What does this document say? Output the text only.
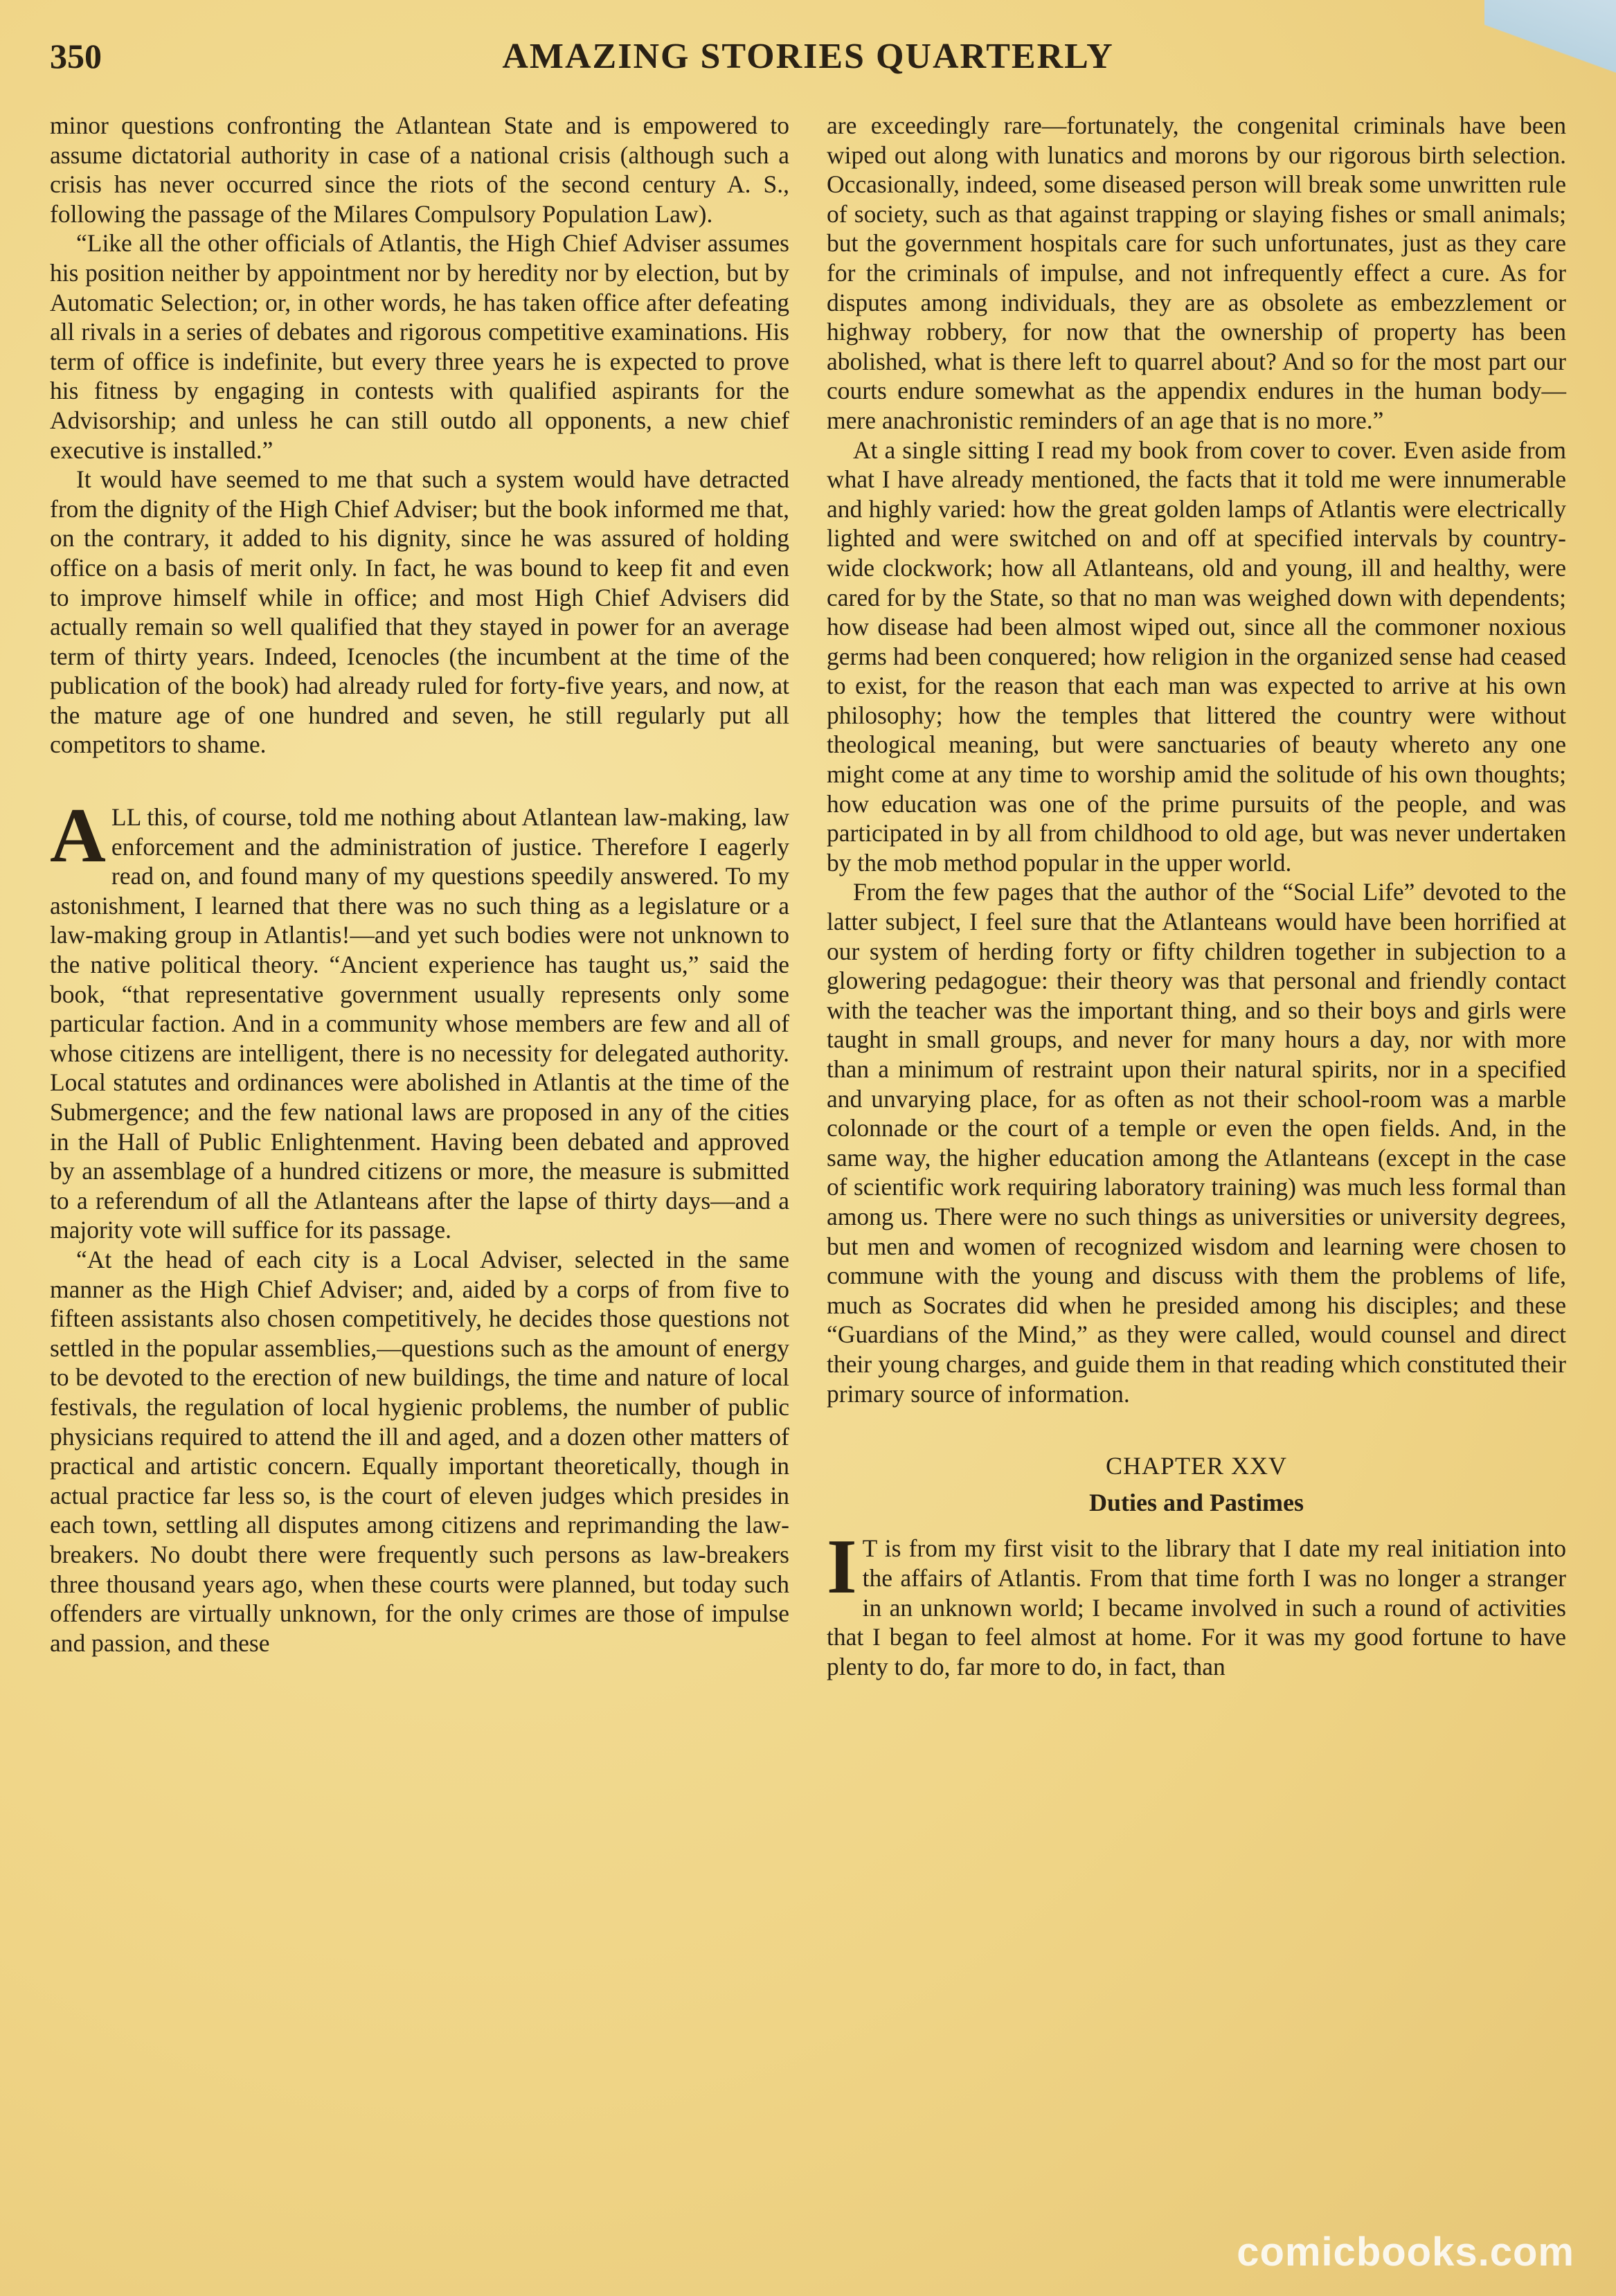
350	AMAZING STORIES QUARTERLY

minor questions confronting the Atlantean State and is empowered to assume dictatorial authority in case of a national crisis (although such a crisis has never occurred since the riots of the second century A. S., following the passage of the Milares Compulsory Population Law).

“Like all the other officials of Atlantis, the High Chief Adviser assumes his position neither by appointment nor by heredity nor by election, but by Automatic Selection; or, in other words, he has taken office after defeating all rivals in a series of debates and rigorous competitive examinations. His term of office is indefinite, but every three years he is expected to prove his fitness by engaging in contests with qualified aspirants for the Advisorship; and unless he can still outdo all opponents, a new chief executive is installed.”

It would have seemed to me that such a system would have detracted from the dignity of the High Chief Adviser; but the book informed me that, on the contrary, it added to his dignity, since he was assured of holding office on a basis of merit only. In fact, he was bound to keep fit and even to improve himself while in office; and most High Chief Advisers did actually remain so well qualified that they stayed in power for an average term of thirty years. Indeed, Icenocles (the incumbent at the time of the publication of the book) had already ruled for forty-five years, and now, at the mature age of one hundred and seven, he still regularly put all competitors to shame.

ALL this, of course, told me nothing about Atlantean law-making, law enforcement and the administration of justice. Therefore I eagerly read on, and found many of my questions speedily answered. To my astonishment, I learned that there was no such thing as a legislature or a law-making group in Atlantis!—and yet such bodies were not unknown to the native political theory. “Ancient experience has taught us,” said the book, “that representative government usually represents only some particular faction. And in a community whose members are few and all of whose citizens are intelligent, there is no necessity for delegated authority. Local statutes and ordinances were abolished in Atlantis at the time of the Submergence; and the few national laws are proposed in any of the cities in the Hall of Public Enlightenment. Having been debated and approved by an assemblage of a hundred citizens or more, the measure is submitted to a referendum of all the Atlanteans after the lapse of thirty days—and a majority vote will suffice for its passage.

“At the head of each city is a Local Adviser, selected in the same manner as the High Chief Adviser; and, aided by a corps of from five to fifteen assistants also chosen competitively, he decides those questions not settled in the popular assemblies,—questions such as the amount of energy to be devoted to the erection of new buildings, the time and nature of local festivals, the regulation of local hygienic problems, the number of public physicians required to attend the ill and aged, and a dozen other matters of practical and artistic concern. Equally important theoretically, though in actual practice far less so, is the court of eleven judges which presides in each town, settling all disputes among citizens and reprimanding the law-breakers. No doubt there were frequently such persons as law-breakers three thousand years ago, when these courts were planned, but today such offenders are virtually unknown, for the only crimes are those of impulse and passion, and these

are exceedingly rare—fortunately, the congenital criminals have been wiped out along with lunatics and morons by our rigorous birth selection. Occasionally, indeed, some diseased person will break some unwritten rule of society, such as that against trapping or slaying fishes or small animals; but the government hospitals care for such unfortunates, just as they care for the criminals of impulse, and not infrequently effect a cure. As for disputes among individuals, they are as obsolete as embezzlement or highway robbery, for now that the ownership of property has been abolished, what is there left to quarrel about? And so for the most part our courts endure somewhat as the appendix endures in the human body—mere anachronistic reminders of an age that is no more.”

At a single sitting I read my book from cover to cover. Even aside from what I have already mentioned, the facts that it told me were innumerable and highly varied: how the great golden lamps of Atlantis were electrically lighted and were switched on and off at specified intervals by country-wide clockwork; how all Atlanteans, old and young, ill and healthy, were cared for by the State, so that no man was weighed down with dependents; how disease had been almost wiped out, since all the commoner noxious germs had been conquered; how religion in the organized sense had ceased to exist, for the reason that each man was expected to arrive at his own philosophy; how the temples that littered the country were without theological meaning, but were sanctuaries of beauty whereto any one might come at any time to worship amid the solitude of his own thoughts; how education was one of the prime pursuits of the people, and was participated in by all from childhood to old age, but was never undertaken by the mob method popular in the upper world.

From the few pages that the author of the “Social Life” devoted to the latter subject, I feel sure that the Atlanteans would have been horrified at our system of herding forty or fifty children together in subjection to a glowering pedagogue: their theory was that personal and friendly contact with the teacher was the important thing, and so their boys and girls were taught in small groups, and never for many hours a day, nor with more than a minimum of restraint upon their natural spirits, nor in a specified and unvarying place, for as often as not their school-room was a marble colonnade or the court of a temple or even the open fields. And, in the same way, the higher education among the Atlanteans (except in the case of scientific work requiring laboratory training) was much less formal than among us. There were no such things as universities or university degrees, but men and women of recognized wisdom and learning were chosen to commune with the young and discuss with them the problems of life, much as Socrates did when he presided among his disciples; and these “Guardians of the Mind,” as they were called, would counsel and direct their young charges, and guide them in that reading which constituted their primary source of information.

CHAPTER XXV

Duties and Pastimes

I T is from my first visit to the library that I date my real initiation into the affairs of Atlantis. From that time forth I was no longer a stranger in an unknown world; I became involved in such a round of activities that I began to feel almost at home. For it was my good fortune to have plenty to do, far more to do, in fact, than

comicbooks.com
